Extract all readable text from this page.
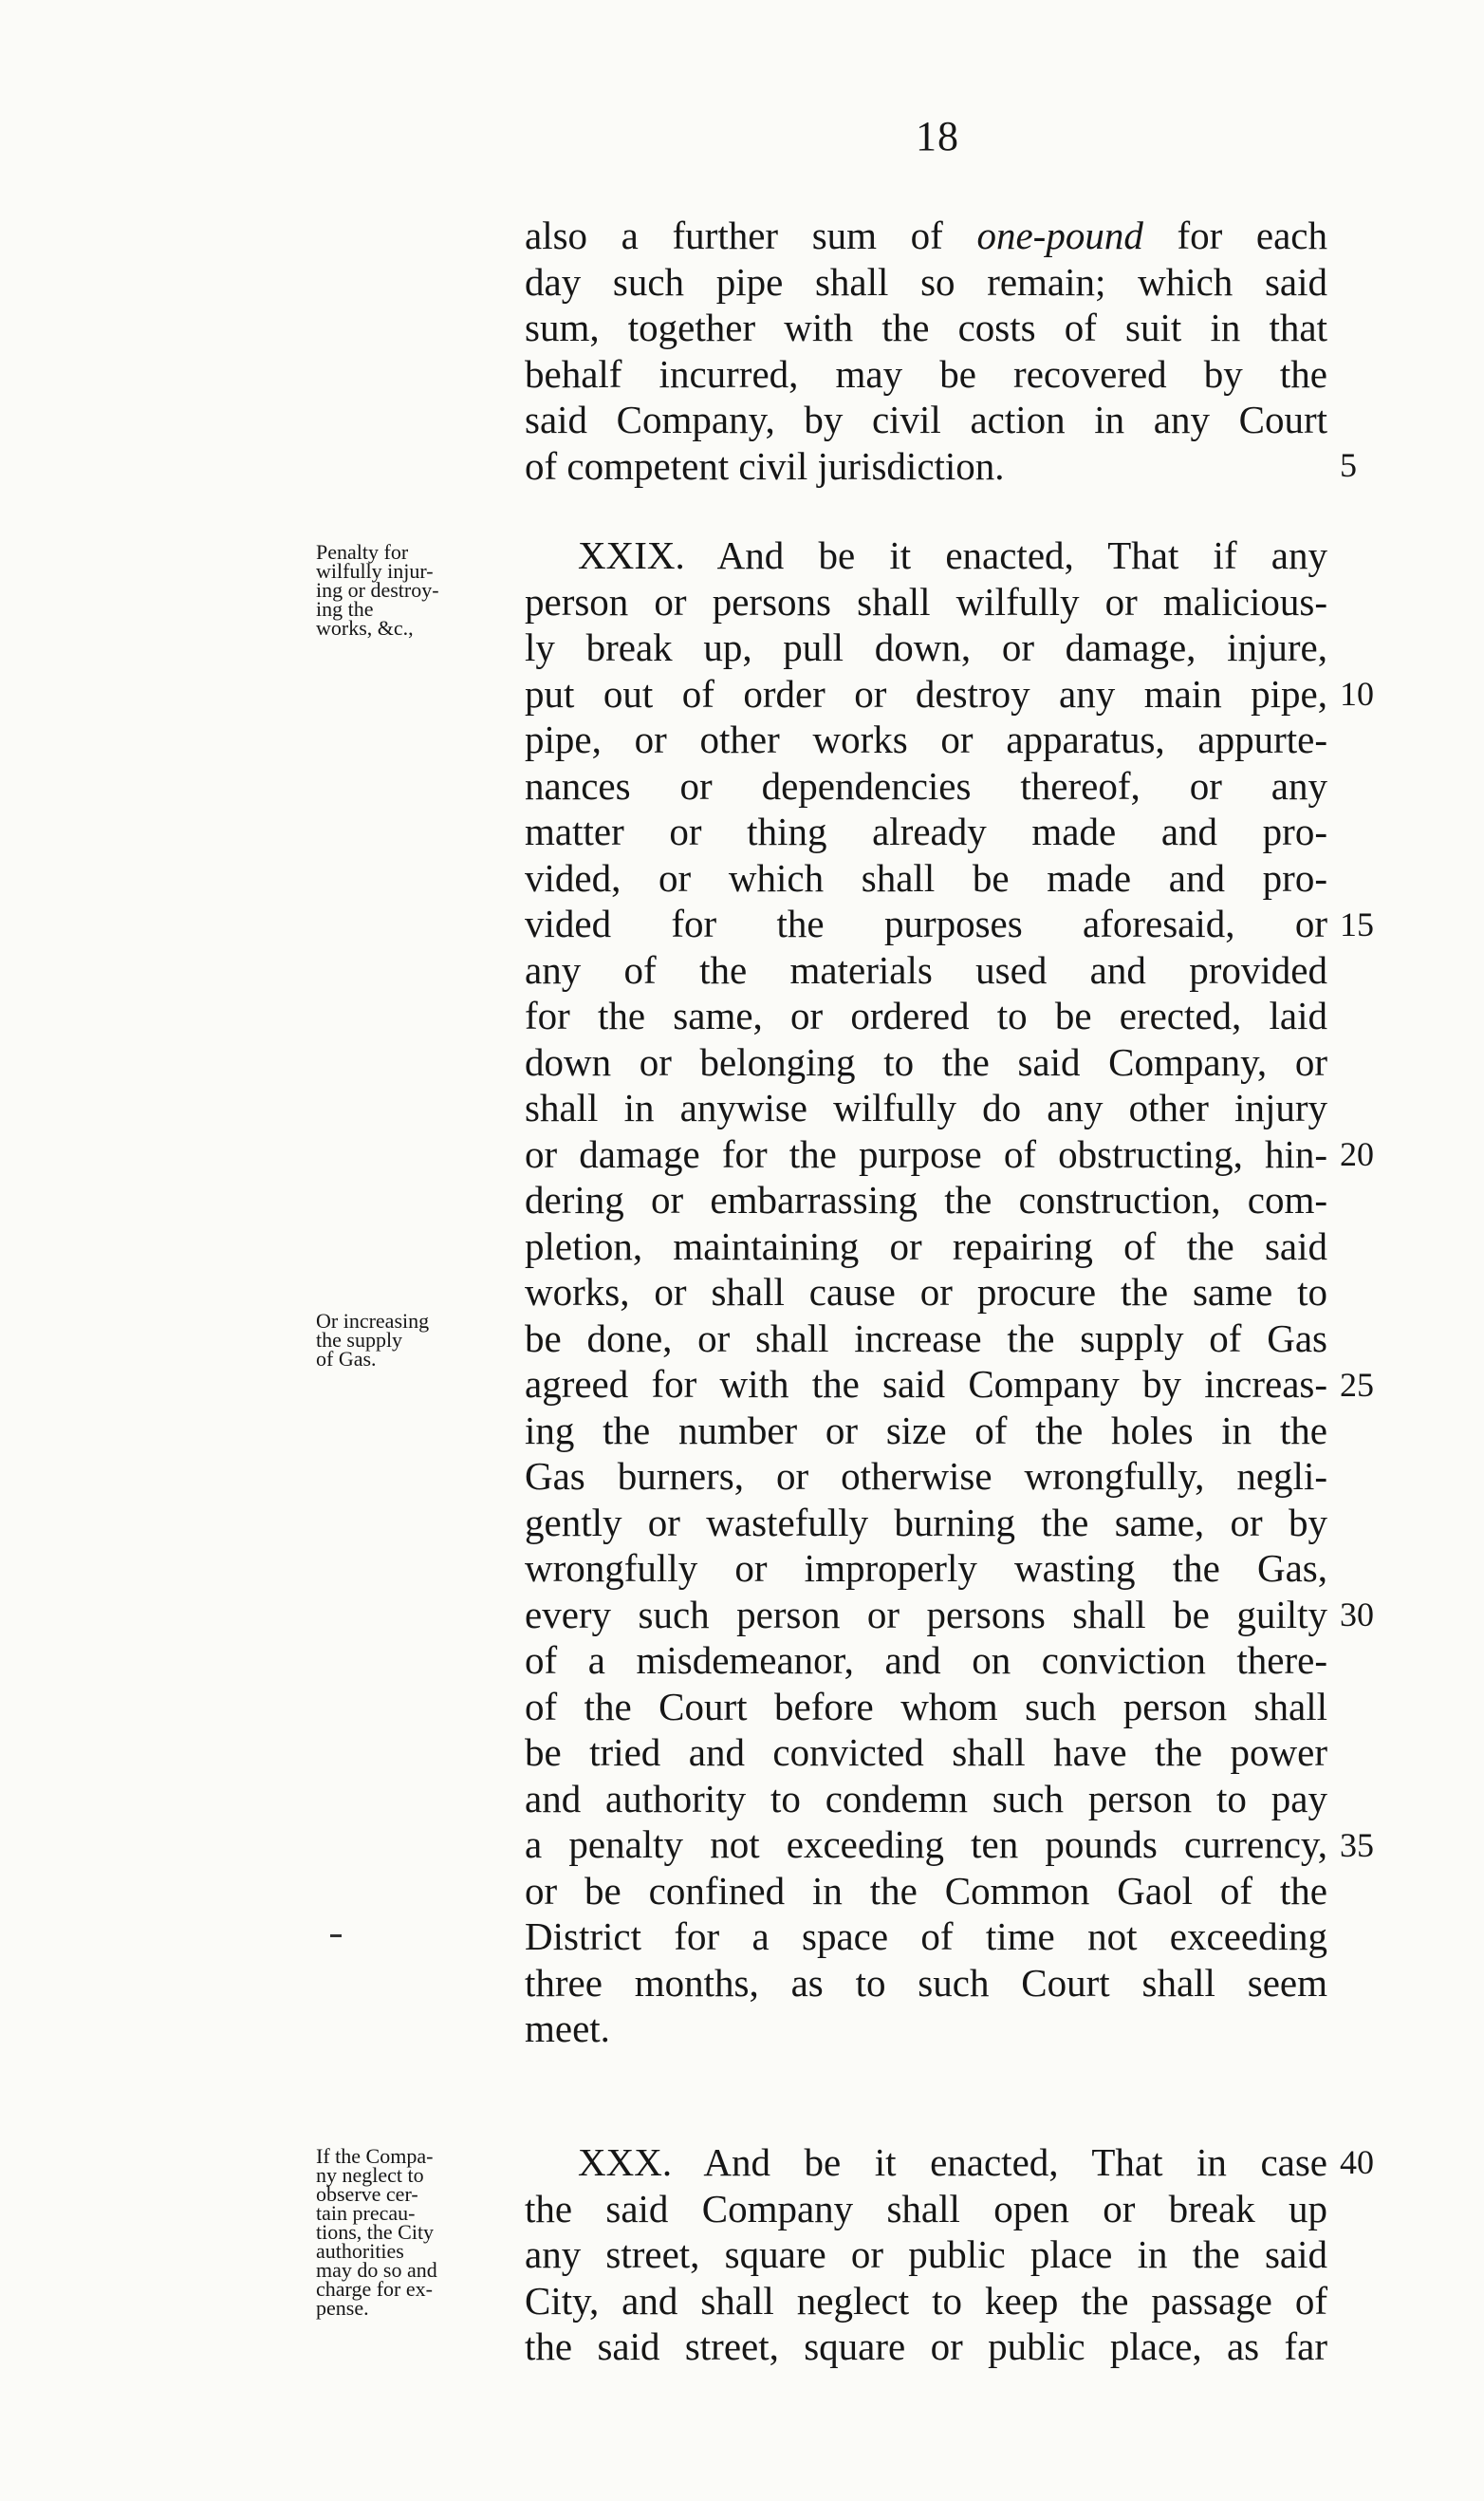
18
also a further sum of one-pound for each
day such pipe shall so remain; which said
sum, together with the costs of suit in that
behalf incurred, may be recovered by the
said Company, by civil action in any Court
of competent civil jurisdiction.
XXIX. And be it enacted, That if any
person or persons shall wilfully or malicious-
ly break up, pull down, or damage, injure,
put out of order or destroy any main pipe,
pipe, or other works or apparatus, appurte-
nances or dependencies thereof, or any
matter or thing already made and pro-
vided, or which shall be made and pro-
vided for the purposes aforesaid, or
any of the materials used and provided
for the same, or ordered to be erected, laid
down or belonging to the said Company, or
shall in anywise wilfully do any other injury
or damage for the purpose of obstructing, hin-
dering or embarrassing the construction, com-
pletion, maintaining or repairing of the said
works, or shall cause or procure the same to
be done, or shall increase the supply of Gas
agreed for with the said Company by increas-
ing the number or size of the holes in the
Gas burners, or otherwise wrongfully, negli-
gently or wastefully burning the same, or by
wrongfully or improperly wasting the Gas,
every such person or persons shall be guilty
of a misdemeanor, and on conviction there-
of the Court before whom such person shall
be tried and convicted shall have the power
and authority to condemn such person to pay
a penalty not exceeding ten pounds currency,
or be confined in the Common Gaol of the
District for a space of time not exceeding
three months, as to such Court shall seem
meet.
XXX. And be it enacted, That in case
the said Company shall open or break up
any street, square or public place in the said
City, and shall neglect to keep the passage of
the said street, square or public place, as far
5
10
15
20
25
30
35
40
Penalty for
wilfully injur-
ing or destroy-
ing the
works, &c.,
Or increasing
the supply
of Gas.
If the Compa-
ny neglect to
observe cer-
tain precau-
tions, the City
authorities
may do so and
charge for ex-
pense.
